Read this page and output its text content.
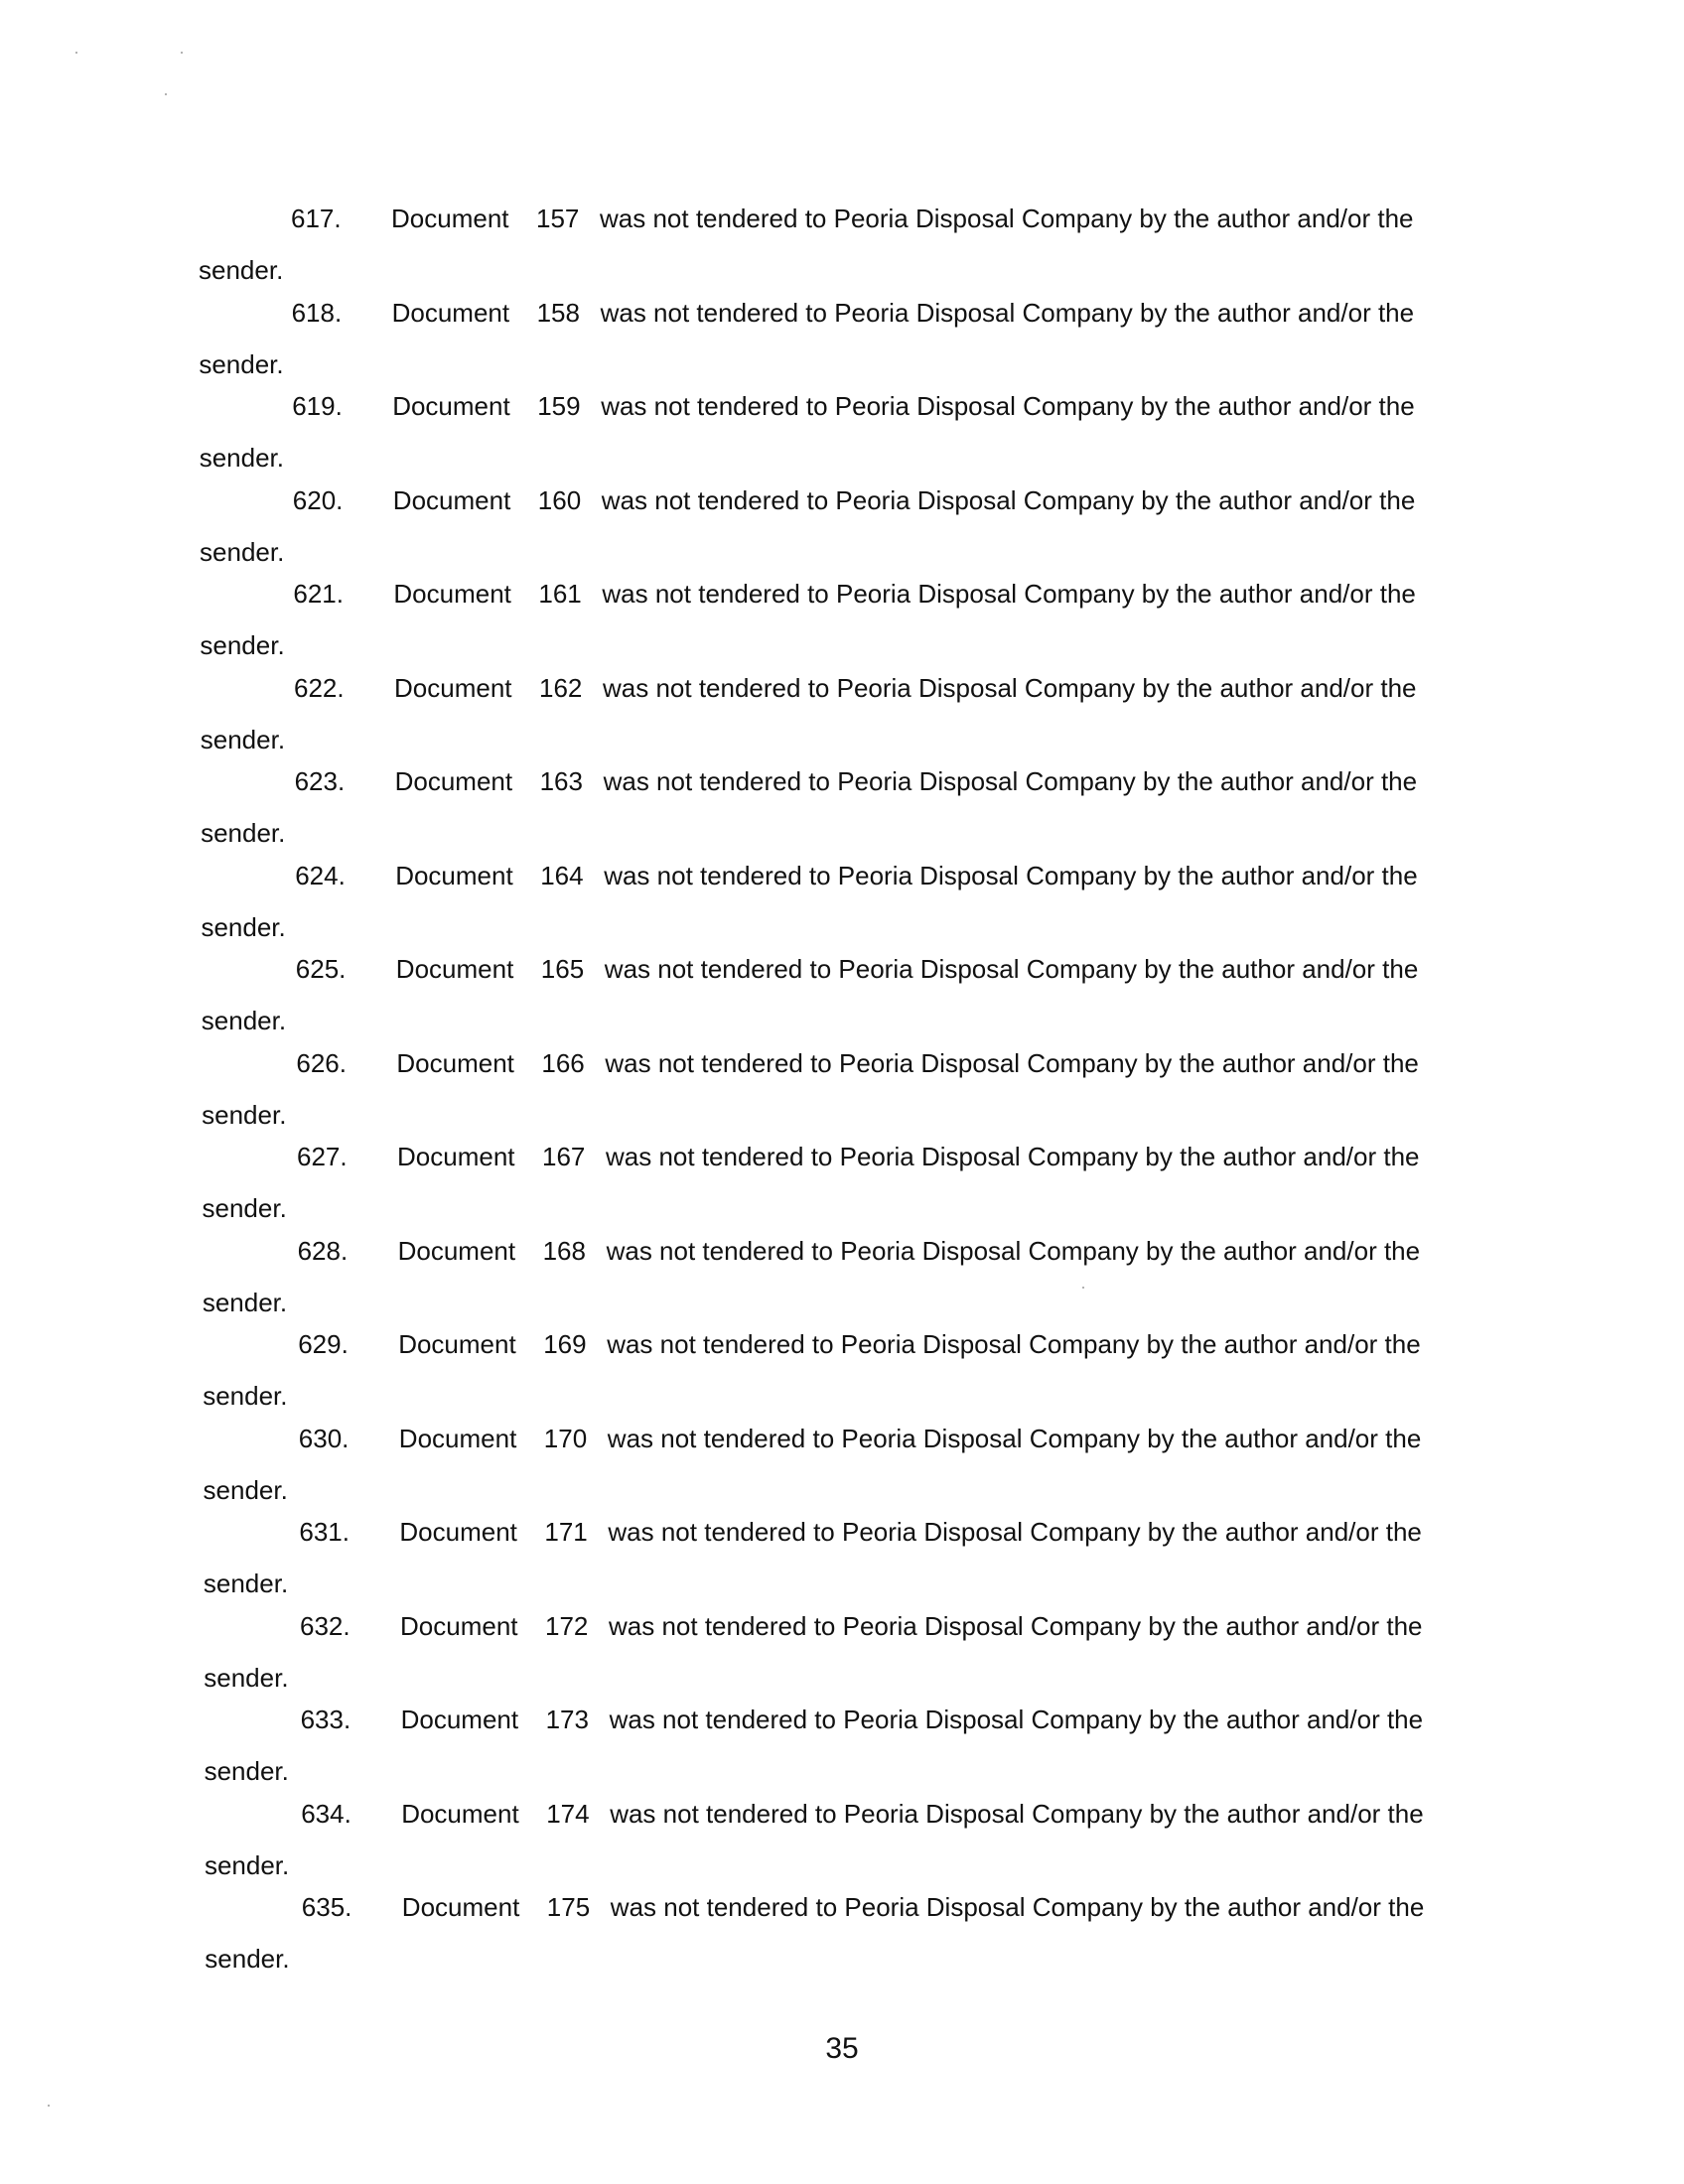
617. Document 157 was not tendered to Peoria Disposal Company by the author and/or the
sender.
618. Document 158 was not tendered to Peoria Disposal Company by the author and/or the
sender.
619. Document 159 was not tendered to Peoria Disposal Company by the author and/or the
sender.
620. Document 160 was not tendered to Peoria Disposal Company by the author and/or the
sender.
621. Document 161 was not tendered to Peoria Disposal Company by the author and/or the
sender.
622. Document 162 was not tendered to Peoria Disposal Company by the author and/or the
sender.
623. Document 163 was not tendered to Peoria Disposal Company by the author and/or the
sender.
624. Document 164 was not tendered to Peoria Disposal Company by the author and/or the
sender.
625. Document 165 was not tendered to Peoria Disposal Company by the author and/or the
sender.
626. Document 166 was not tendered to Peoria Disposal Company by the author and/or the
sender.
627. Document 167 was not tendered to Peoria Disposal Company by the author and/or the
sender.
628. Document 168 was not tendered to Peoria Disposal Company by the author and/or the
sender.
629. Document 169 was not tendered to Peoria Disposal Company by the author and/or the
sender.
630. Document 170 was not tendered to Peoria Disposal Company by the author and/or the
sender.
631. Document 171 was not tendered to Peoria Disposal Company by the author and/or the
sender.
632. Document 172 was not tendered to Peoria Disposal Company by the author and/or the
sender.
633. Document 173 was not tendered to Peoria Disposal Company by the author and/or the
sender.
634. Document 174 was not tendered to Peoria Disposal Company by the author and/or the
sender.
635. Document 175 was not tendered to Peoria Disposal Company by the author and/or the
sender.
35
